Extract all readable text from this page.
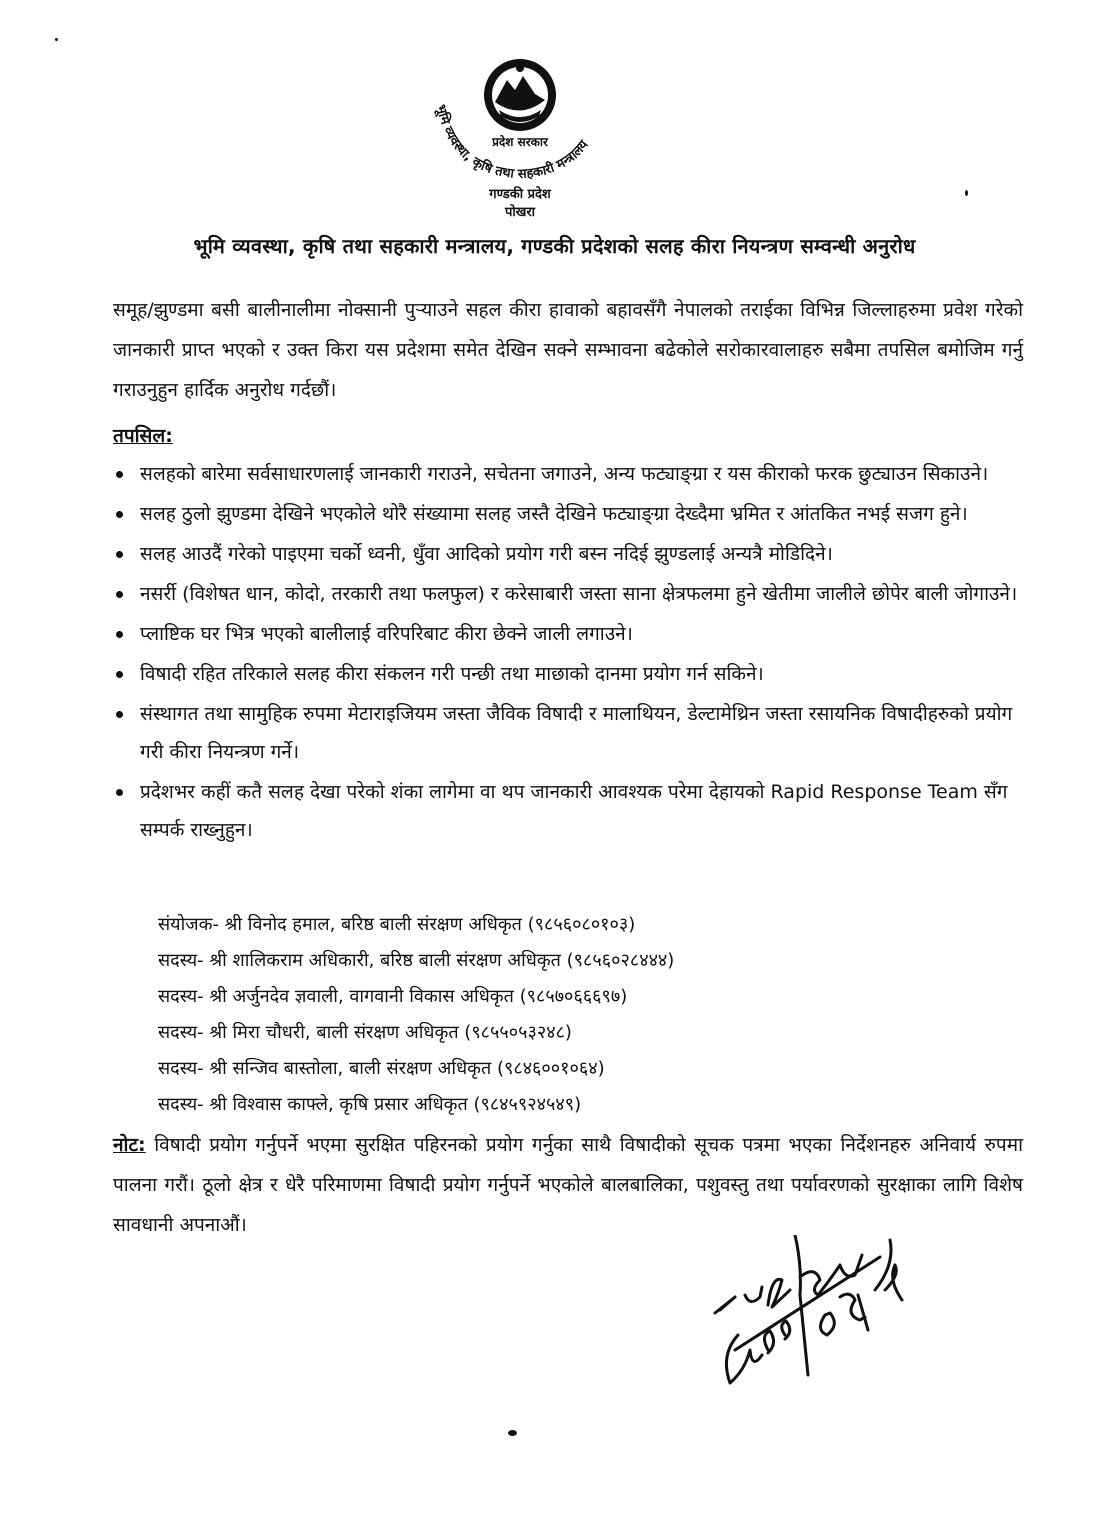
भूमि व्यवस्था, कृषि तथा सहकारी मन्त्रालय
प्रदेश सरकार
गण्डकी प्रदेश
पोखरा
भूमि व्यवस्था, कृषि तथा सहकारी मन्त्रालय, गण्डकी प्रदेशको सलह कीरा नियन्त्रण सम्वन्धी अनुरोध
समूह/झुण्डमा बसी बालीनालीमा नोक्सानी पुऱ्याउने सहल कीरा हावाको बहावसँगै नेपालको तराईका विभिन्न जिल्लाहरुमा प्रवेश गरेको जानकारी प्राप्त भएको र उक्त किरा यस प्रदेशमा समेत देखिन सक्ने सम्भावना बढेकोले सरोकारवालाहरु सबैमा तपसिल बमोजिम गर्नु गराउनुहुन हार्दिक अनुरोध गर्दछौं।
तपसिल:
सलहको बारेमा सर्वसाधारणलाई जानकारी गराउने, सचेतना जगाउने, अन्य फट्याङ्ग्रा र यस कीराको फरक छुट्याउन सिकाउने।
सलह ठुलो झुण्डमा देखिने भएकोले थोरै संख्यामा सलह जस्तै देखिने फट्याङ्ग्रा देख्दैमा भ्रमित र आंतकित नभई सजग हुने।
सलह आउदैं गरेको पाइएमा चर्को ध्वनी, धुँवा आदिको प्रयोग गरी बस्न नदिई झुण्डलाई अन्यत्रै मोडिदिने।
नसर्री (विशेषत धान, कोदो, तरकारी तथा फलफुल) र करेसाबारी जस्ता साना क्षेत्रफलमा हुने खेतीमा जालीले छोपेर बाली जोगाउने।
प्लाष्टिक घर भित्र भएको बालीलाई वरिपरिबाट कीरा छेक्ने जाली लगाउने।
विषादी रहित तरिकाले सलह कीरा संकलन गरी पन्छी तथा माछाको दानमा प्रयोग गर्न सकिने।
संस्थागत तथा सामुहिक रुपमा मेटाराइजियम जस्ता जैविक विषादी र मालाथियन, डेल्टामेथ्रिन जस्ता रसायनिक विषादीहरुको प्रयोग गरी कीरा नियन्त्रण गर्ने।
प्रदेशभर कहीं कतै सलह देखा परेको शंका लागेमा वा थप जानकारी आवश्यक परेमा देहायको Rapid Response Team सँग सम्पर्क राख्नुहुन।
संयोजक- श्री विनोद हमाल, बरिष्ठ बाली संरक्षण अधिकृत (९८५६०८०१०३)
सदस्य- श्री शालिकराम अधिकारी, बरिष्ठ बाली संरक्षण अधिकृत (९८५६०२८४४४)
सदस्य- श्री अर्जुनदेव ज्ञवाली, वागवानी विकास अधिकृत (९८५७०६६६९७)
सदस्य- श्री मिरा चौधरी, बाली संरक्षण अधिकृत (९८५५०५३२४८)
सदस्य- श्री सन्जिव बास्तोला, बाली संरक्षण अधिकृत (९८४६००१०६४)
सदस्य- श्री विश्वास काफ्ले, कृषि प्रसार अधिकृत (९८४५९२४५४९)
नोट: विषादी प्रयोग गर्नुपर्ने भएमा सुरक्षित पहिरनको प्रयोग गर्नुका साथै विषादीको सूचक पत्रमा भएका निर्देशनहरु अनिवार्य रुपमा पालना गरौं। ठूलो क्षेत्र र धेरै परिमाणमा विषादी प्रयोग गर्नुपर्ने भएकोले बालबालिका, पशुवस्तु तथा पर्यावरणको सुरक्षाका लागि विशेष सावधानी अपनाऔं।
